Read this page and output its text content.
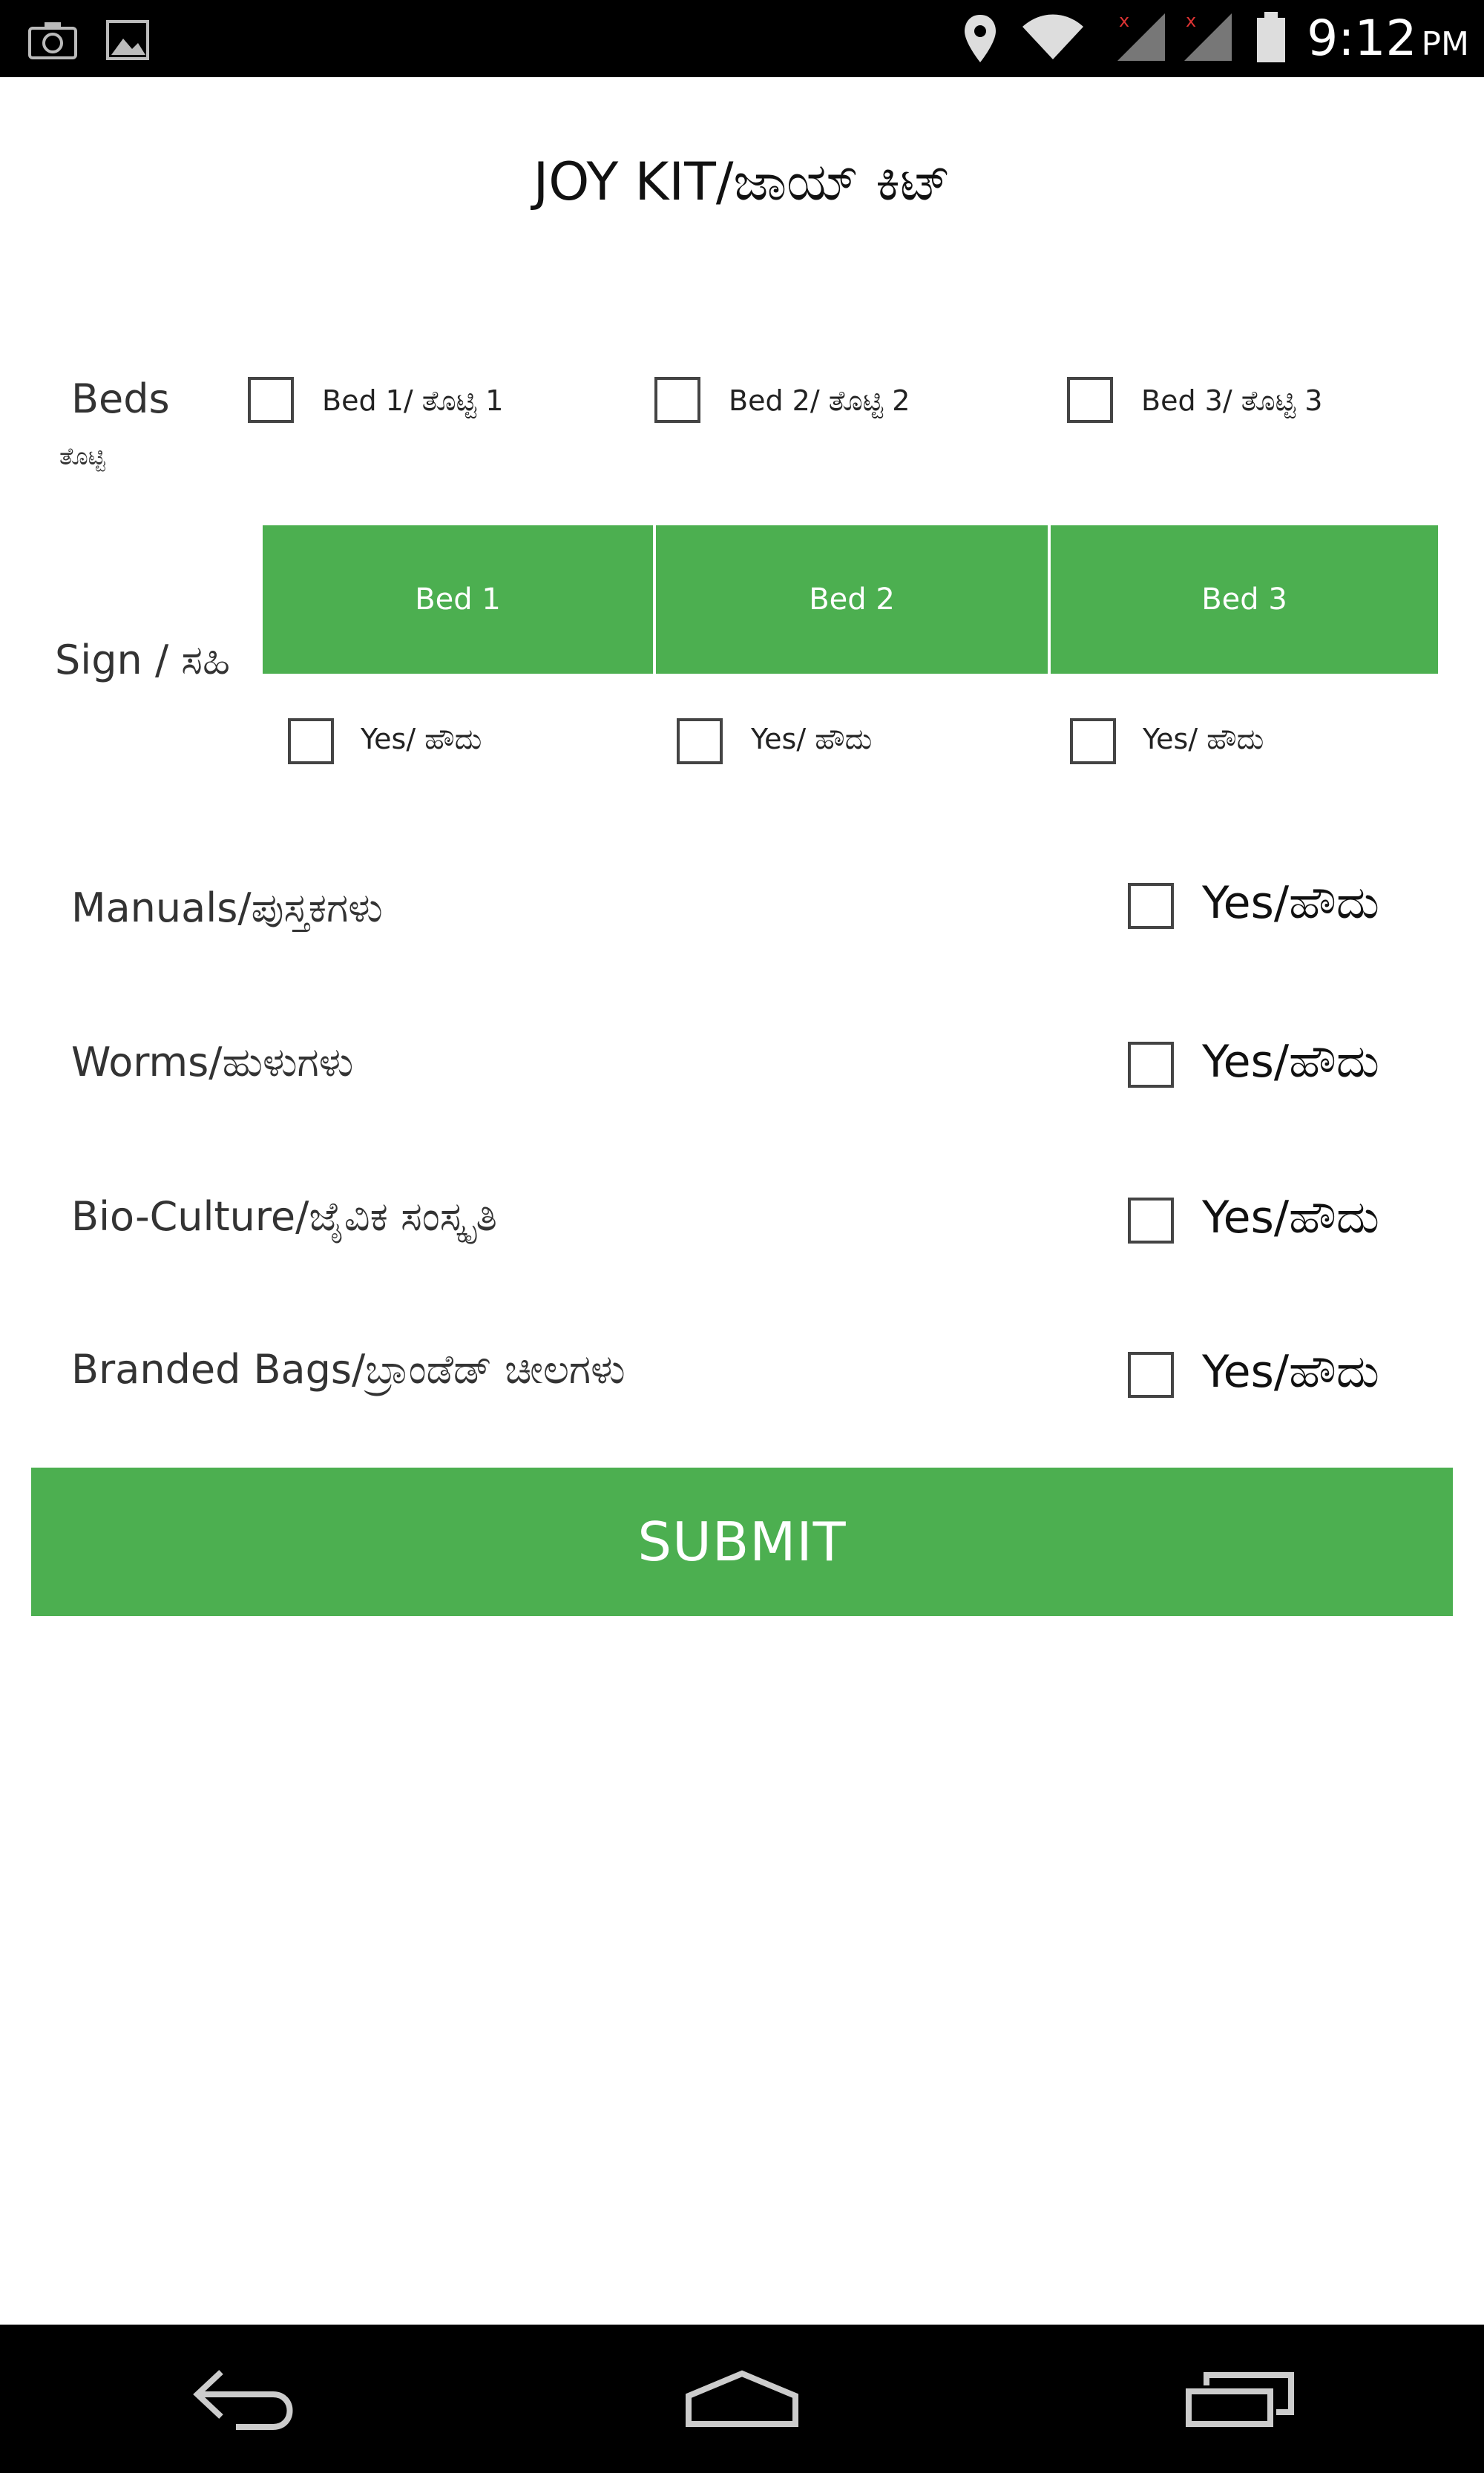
x	x 9:12 PM
JOY KIT/ಜಾಯ್ ಕಿಟ್
Beds
ತೊಟ್ಟಿ
Bed 1/ ತೊಟ್ಟಿ 1	Bed 2/ ತೊಟ್ಟಿ 2	Bed 3/ ತೊಟ್ಟಿ 3
Sign / ಸಹಿ
Bed 1	Bed 2	Bed 3
Yes/ ಹೌದು	Yes/ ಹೌದು	Yes/ ಹೌದು
Manuals/ಪುಸ್ತಕಗಳು	Yes/ಹೌದು
Worms/ಹುಳುಗಳು	Yes/ಹೌದು
Bio-Culture/ಜೈವಿಕ ಸಂಸ್ಕೃತಿ	Yes/ಹೌದು
Branded Bags/ಬ್ರಾಂಡೆಡ್ ಚೀಲಗಳು	Yes/ಹೌದು
SUBMIT
